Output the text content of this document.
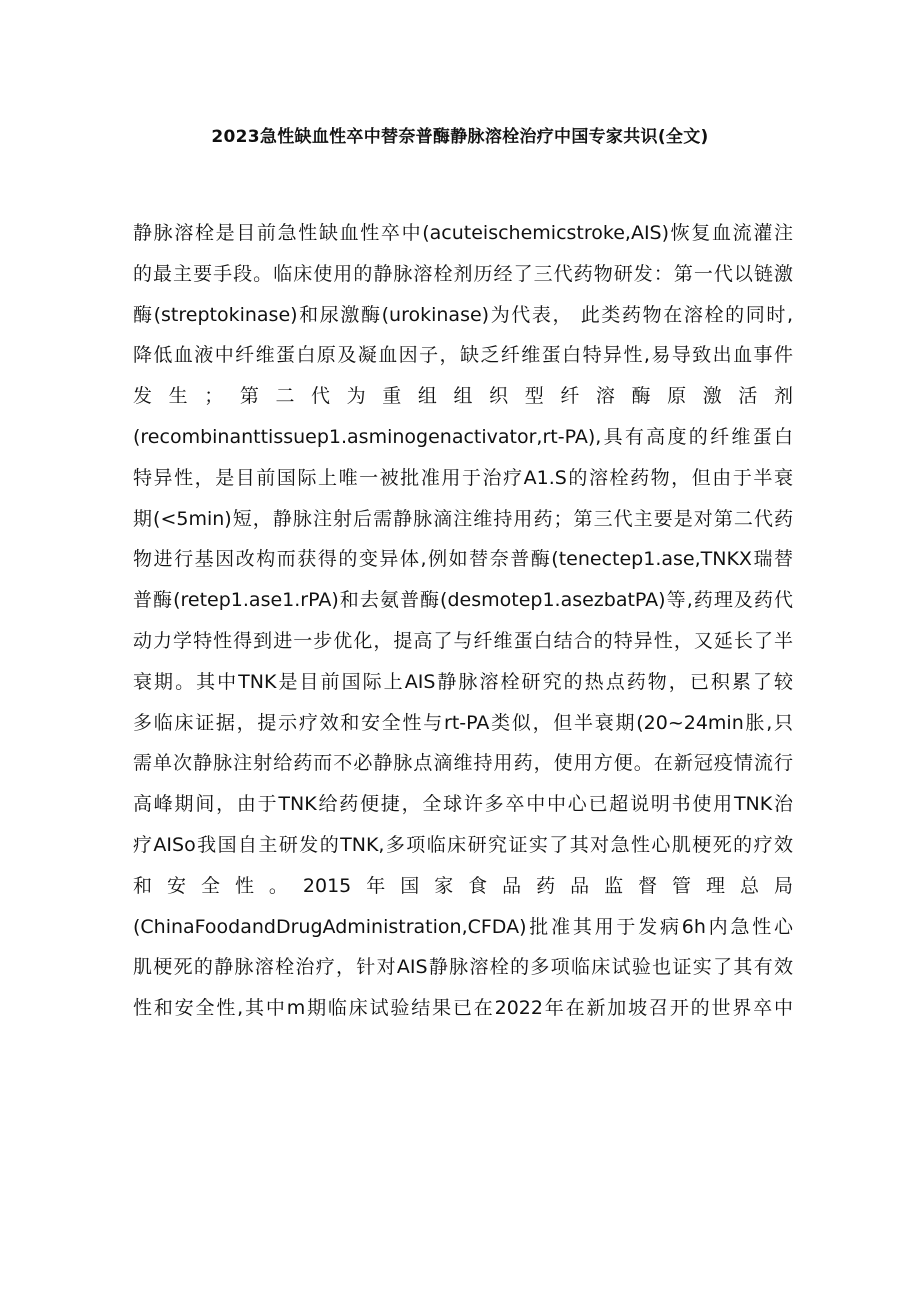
2023急性缺血性卒中替奈普酶静脉溶栓治疗中国专家共识(全文)
静脉溶栓是目前急性缺血性卒中(acuteischemicstroke,AIS)恢复血流灌注
的最主要手段。临床使用的静脉溶栓剂历经了三代药物研发：第一代以链激
酶(streptokinase)和尿激酶(urokinase)为代表， 此类药物在溶栓的同时,
降低血液中纤维蛋白原及凝血因子，缺乏纤维蛋白特异性,易导致出血事件
发生；第二代为重组组织型纤溶酶原激活剂
(recombinanttissuep1.asminogenactivator,rt-PA),具有高度的纤维蛋白
特异性，是目前国际上唯一被批准用于治疗A1.S的溶栓药物，但由于半衰
期(<5min)短，静脉注射后需静脉滴注维持用药；第三代主要是对第二代药
物进行基因改构而获得的变异体,例如替奈普酶(tenectep1.ase,TNKX瑞替
普酶(retep1.ase1.rPA)和去氨普酶(desmotep1.asezbatPA)等,药理及药代
动力学特性得到进一步优化，提高了与纤维蛋白结合的特异性，又延长了半
衰期。其中TNK是目前国际上AIS静脉溶栓研究的热点药物，已积累了较
多临床证据，提示疗效和安全性与rt-PA类似，但半衰期(20~24min胀,只
需单次静脉注射给药而不必静脉点滴维持用药，使用方便。在新冠疫情流行
高峰期间，由于TNK给药便捷，全球许多卒中中心已超说明书使用TNK治
疗AISo我国自主研发的TNK,多项临床研究证实了其对急性心肌梗死的疗效
和安全性。2015年国家食品药品监督管理总局
(ChinaFoodandDrugAdministration,CFDA)批准其用于发病6h内急性心
肌梗死的静脉溶栓治疗，针对AIS静脉溶栓的多项临床试验也证实了其有效
性和安全性,其中m期临床试验结果已在2022年在新加坡召开的世界卒中
